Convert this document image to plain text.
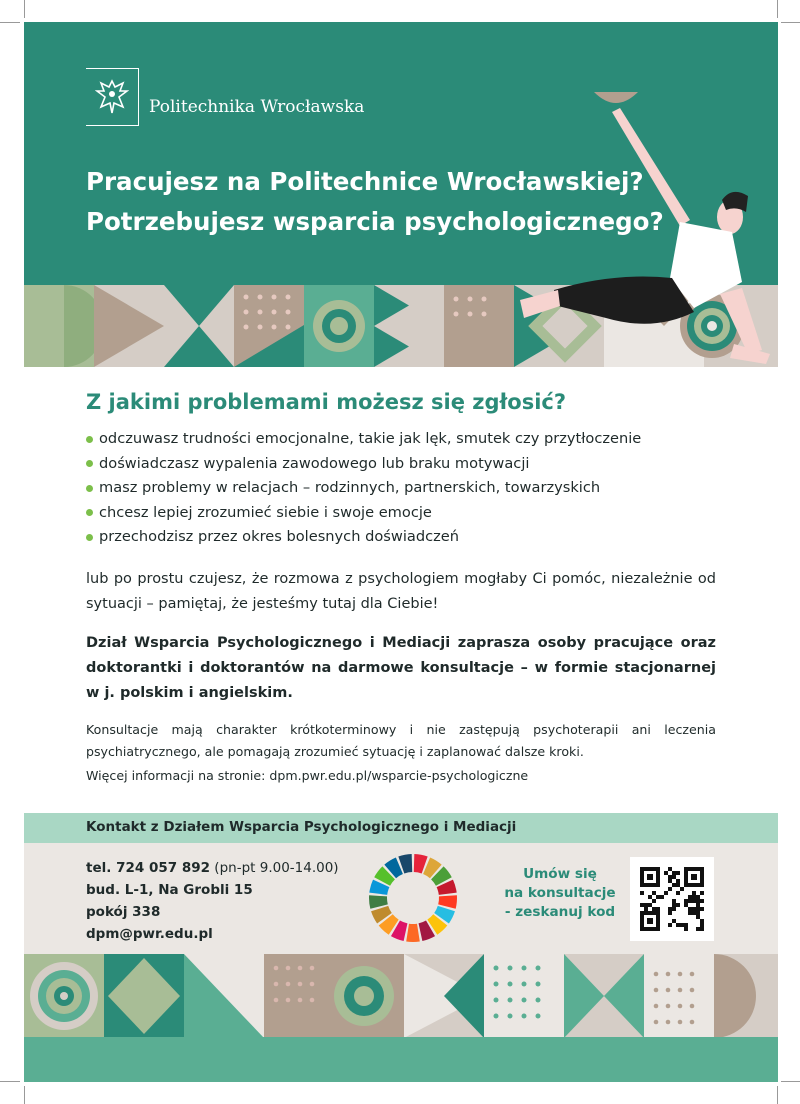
Politechnika Wrocławska
Pracujesz na Politechnice Wrocławskiej?
Potrzebujesz wsparcia psychologicznego?
Z jakimi problemami możesz się zgłosić?
odczuwasz trudności emocjonalne, takie jak lęk, smutek czy przytłoczenie
doświadczasz wypalenia zawodowego lub braku motywacji
masz problemy w relacjach – rodzinnych, partnerskich, towarzyskich
chcesz lepiej zrozumieć siebie i swoje emocje
przechodzisz przez okres bolesnych doświadczeń
lub po prostu czujesz, że rozmowa z psychologiem mogłaby Ci pomóc, niezależnie od sytuacji – pamiętaj, że jesteśmy tutaj dla Ciebie!
Dział Wsparcia Psychologicznego i Mediacji zaprasza osoby pracujące oraz doktorantki i doktorantów na darmowe konsultacje – w formie stacjonarnej w j. polskim i angielskim.
Konsultacje mają charakter krótkoterminowy i nie zastępują psychoterapii ani leczenia psychiatrycznego, ale pomagają zrozumieć sytuację i zaplanować dalsze kroki.
Więcej informacji na stronie: dpm.pwr.edu.pl/wsparcie-psychologiczne
Kontakt z Działem Wsparcia Psychologicznego i Mediacji
tel. 724 057 892 (pn-pt 9.00-14.00)
bud. L-1, Na Grobli 15
pokój 338
dpm@pwr.edu.pl
Umów się
na konsultacje
- zeskanuj kod
